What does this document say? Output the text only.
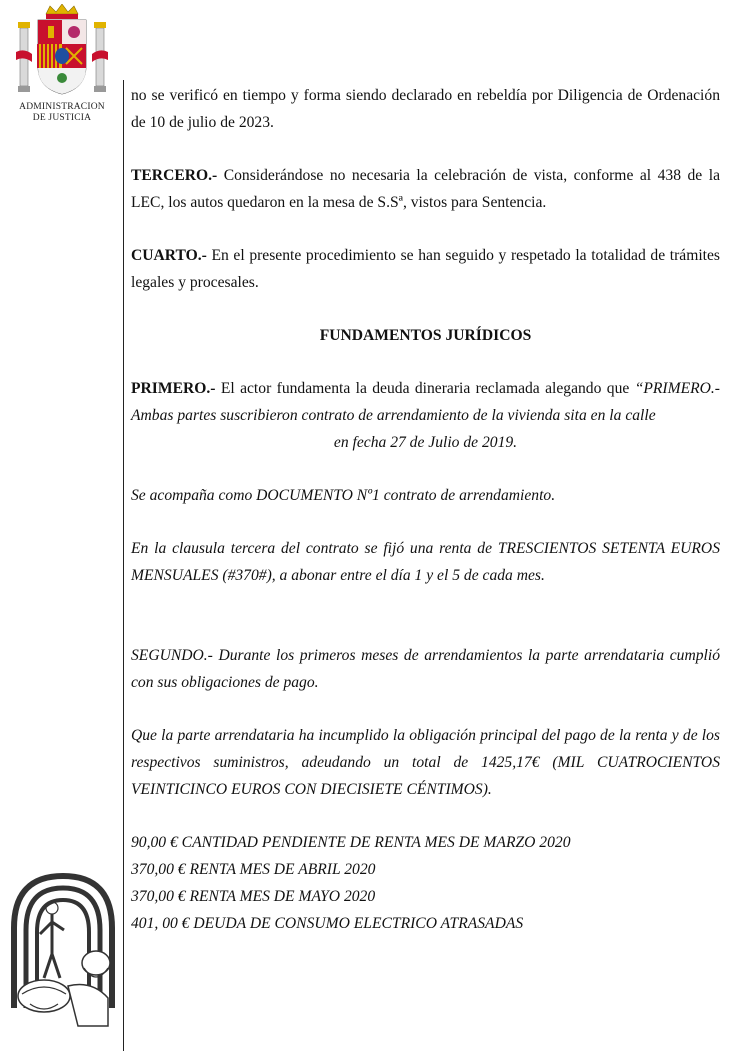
ADMINISTRACION
DE JUSTICIA

no se verificó en tiempo y forma siendo declarado en rebeldía por Diligencia de Ordenación de 10 de julio de 2023.

TERCERO.- Considerándose no necesaria la celebración de vista, conforme al 438 de la LEC, los autos quedaron en la mesa de S.Sª, vistos para Sentencia.

CUARTO.- En el presente procedimiento se han seguido y respetado la totalidad de trámites legales y procesales.

FUNDAMENTOS JURÍDICOS

PRIMERO.- El actor fundamenta la deuda dineraria reclamada alegando que “PRIMERO.- Ambas partes suscribieron contrato de arrendamiento de la vivienda sita en la calle

en fecha 27 de Julio de 2019.

Se acompaña como DOCUMENTO Nº1 contrato de arrendamiento.

En la clausula tercera del contrato se fijó una renta de TRESCIENTOS SETENTA EUROS MENSUALES (#370#), a abonar entre el día 1 y el 5 de cada mes.

SEGUNDO.- Durante los primeros meses de arrendamientos la parte arrendataria cumplió con sus obligaciones de pago.

Que la parte arrendataria ha incumplido la obligación principal del pago de la renta y de los respectivos suministros, adeudando un total de 1425,17€ (MIL CUATROCIENTOS VEINTICINCO EUROS CON DIECISIETE CÉNTIMOS).

90,00 € CANTIDAD PENDIENTE DE RENTA MES DE MARZO 2020

370,00 € RENTA MES DE ABRIL 2020

370,00 € RENTA MES DE MAYO 2020

401, 00 € DEUDA DE CONSUMO ELECTRICO ATRASADAS
